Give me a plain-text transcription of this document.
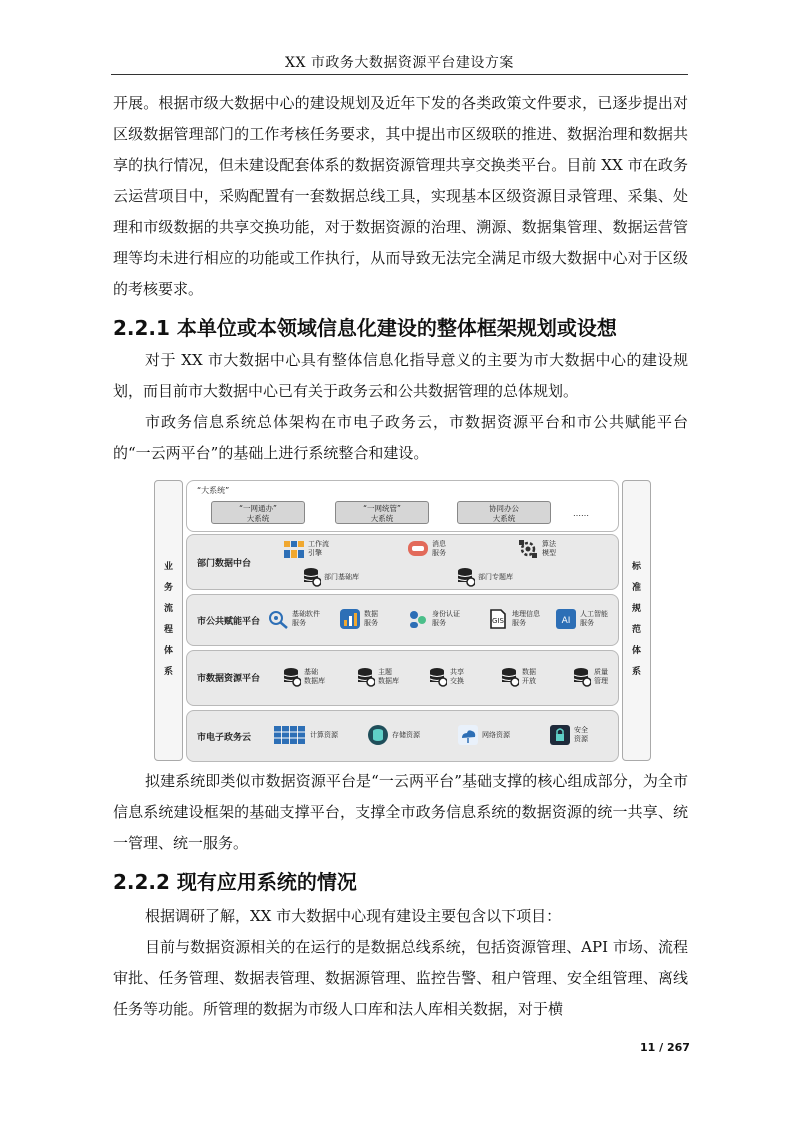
XX 市政务大数据资源平台建设方案
开展。根据市级大数据中心的建设规划及近年下发的各类政策文件要求，已逐步提出对区级数据管理部门的工作考核任务要求，其中提出市区级联的推进、数据治理和数据共享的执行情况，但未建设配套体系的数据资源管理共享交换类平台。目前 XX 市在政务云运营项目中，采购配置有一套数据总线工具，实现基本区级资源目录管理、采集、处理和市级数据的共享交换功能，对于数据资源的治理、溯源、数据集管理、数据运营管理等均未进行相应的功能或工作执行，从而导致无法完全满足市级大数据中心对于区级的考核要求。
2.2.1 本单位或本领域信息化建设的整体框架规划或设想
对于 XX 市大数据中心具有整体信息化指导意义的主要为市大数据中心的建设规划，而目前市大数据中心已有关于政务云和公共数据管理的总体规划。
市政务信息系统总体架构在市电子政务云，市数据资源平台和市公共赋能平台的“一云两平台”的基础上进行系统整合和建设。
业
务
流
程
体
系
标
准
规
范
体
系
“大系统”
“一网通办”
大系统
“一网统管”
大系统
协同办公
大系统
……
部门数据中台
工作流
引擎
消息
服务
算法
模型
部门基础库	部门专题库
市公共赋能平台
基础软件
服务
数据
服务
身份认证
服务	GIS
地理信息
服务	AI
人工智能
服务
市数据资源平台
基础
数据库
主题
数据库
共享
交换
数据
开放
质量
管理
市电子政务云	计算资源	存储资源	网络资源
安全
资源
拟建系统即类似市数据资源平台是“一云两平台”基础支撑的核心组成部分，为全市信息系统建设框架的基础支撑平台，支撑全市政务信息系统的数据资源的统一共享、统一管理、统一服务。
2.2.2 现有应用系统的情况
根据调研了解，XX 市大数据中心现有建设主要包含以下项目：
目前与数据资源相关的在运行的是数据总线系统，包括资源管理、API 市场、流程审批、任务管理、数据表管理、数据源管理、监控告警、租户管理、安全组管理、离线任务等功能。所管理的数据为市级人口库和法人库相关数据，对于横
11 / 267
